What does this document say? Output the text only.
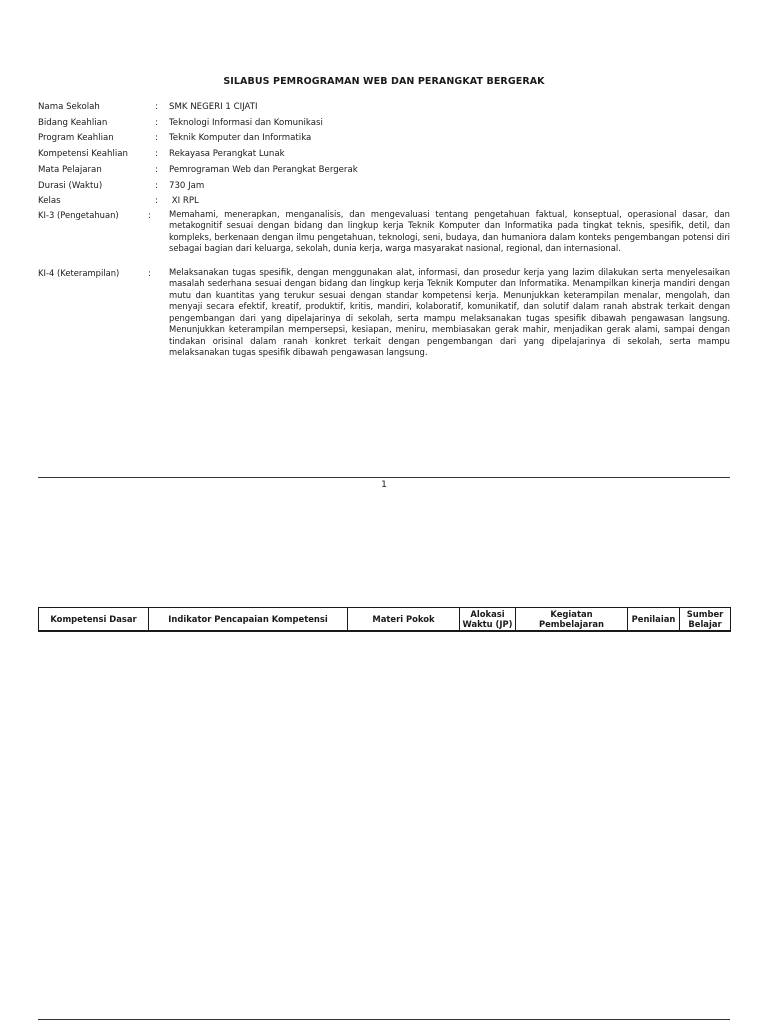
SILABUS PEMROGRAMAN WEB DAN PERANGKAT BERGERAK
Nama Sekolah	:	SMK NEGERI 1 CIJATI
Bidang Keahlian	:	Teknologi Informasi dan Komunikasi
Program Keahlian	:	Teknik Komputer dan Informatika
Kompetensi Keahlian	:	Rekayasa Perangkat Lunak
Mata Pelajaran	:	Pemrograman Web dan Perangkat Bergerak
Durasi (Waktu)	:	730 Jam
Kelas	:	XI RPL
KI-3 (Pengetahuan)	:	Memahami, menerapkan, menganalisis, dan mengevaluasi tentang pengetahuan faktual, konseptual, operasional dasar, dan metakognitif sesuai dengan bidang dan lingkup kerja Teknik Komputer dan Informatika pada tingkat teknis, spesifik, detil, dan kompleks, berkenaan dengan ilmu pengetahuan, teknologi, seni, budaya, dan humaniora dalam konteks pengembangan potensi diri sebagai bagian dari keluarga, sekolah, dunia kerja, warga masyarakat nasional, regional, dan internasional.
KI-4 (Keterampilan)	:	Melaksanakan tugas spesifik, dengan menggunakan alat, informasi, dan prosedur kerja yang lazim dilakukan serta menyelesaikan masalah sederhana sesuai dengan bidang dan lingkup kerja Teknik Komputer dan Informatika. Menampilkan kinerja mandiri dengan mutu dan kuantitas yang terukur sesuai dengan standar kompetensi kerja. Menunjukkan keterampilan menalar, mengolah, dan menyaji secara efektif, kreatif, produktif, kritis, mandiri, kolaboratif, komunikatif, dan solutif dalam ranah abstrak terkait dengan pengembangan dari yang dipelajarinya di sekolah, serta mampu melaksanakan tugas spesifik dibawah pengawasan langsung. Menunjukkan keterampilan mempersepsi, kesiapan, meniru, membiasakan gerak mahir, menjadikan gerak alami, sampai dengan tindakan orisinal dalam ranah konkret terkait dengan pengembangan dari yang dipelajarinya di sekolah, serta mampu melaksanakan tugas spesifik dibawah pengawasan langsung.
1
Kompetensi Dasar	Indikator Pencapaian Kompetensi	Materi Pokok	Alokasi Waktu (JP)	Kegiatan Pembelajaran	Penilaian	Sumber Belajar
